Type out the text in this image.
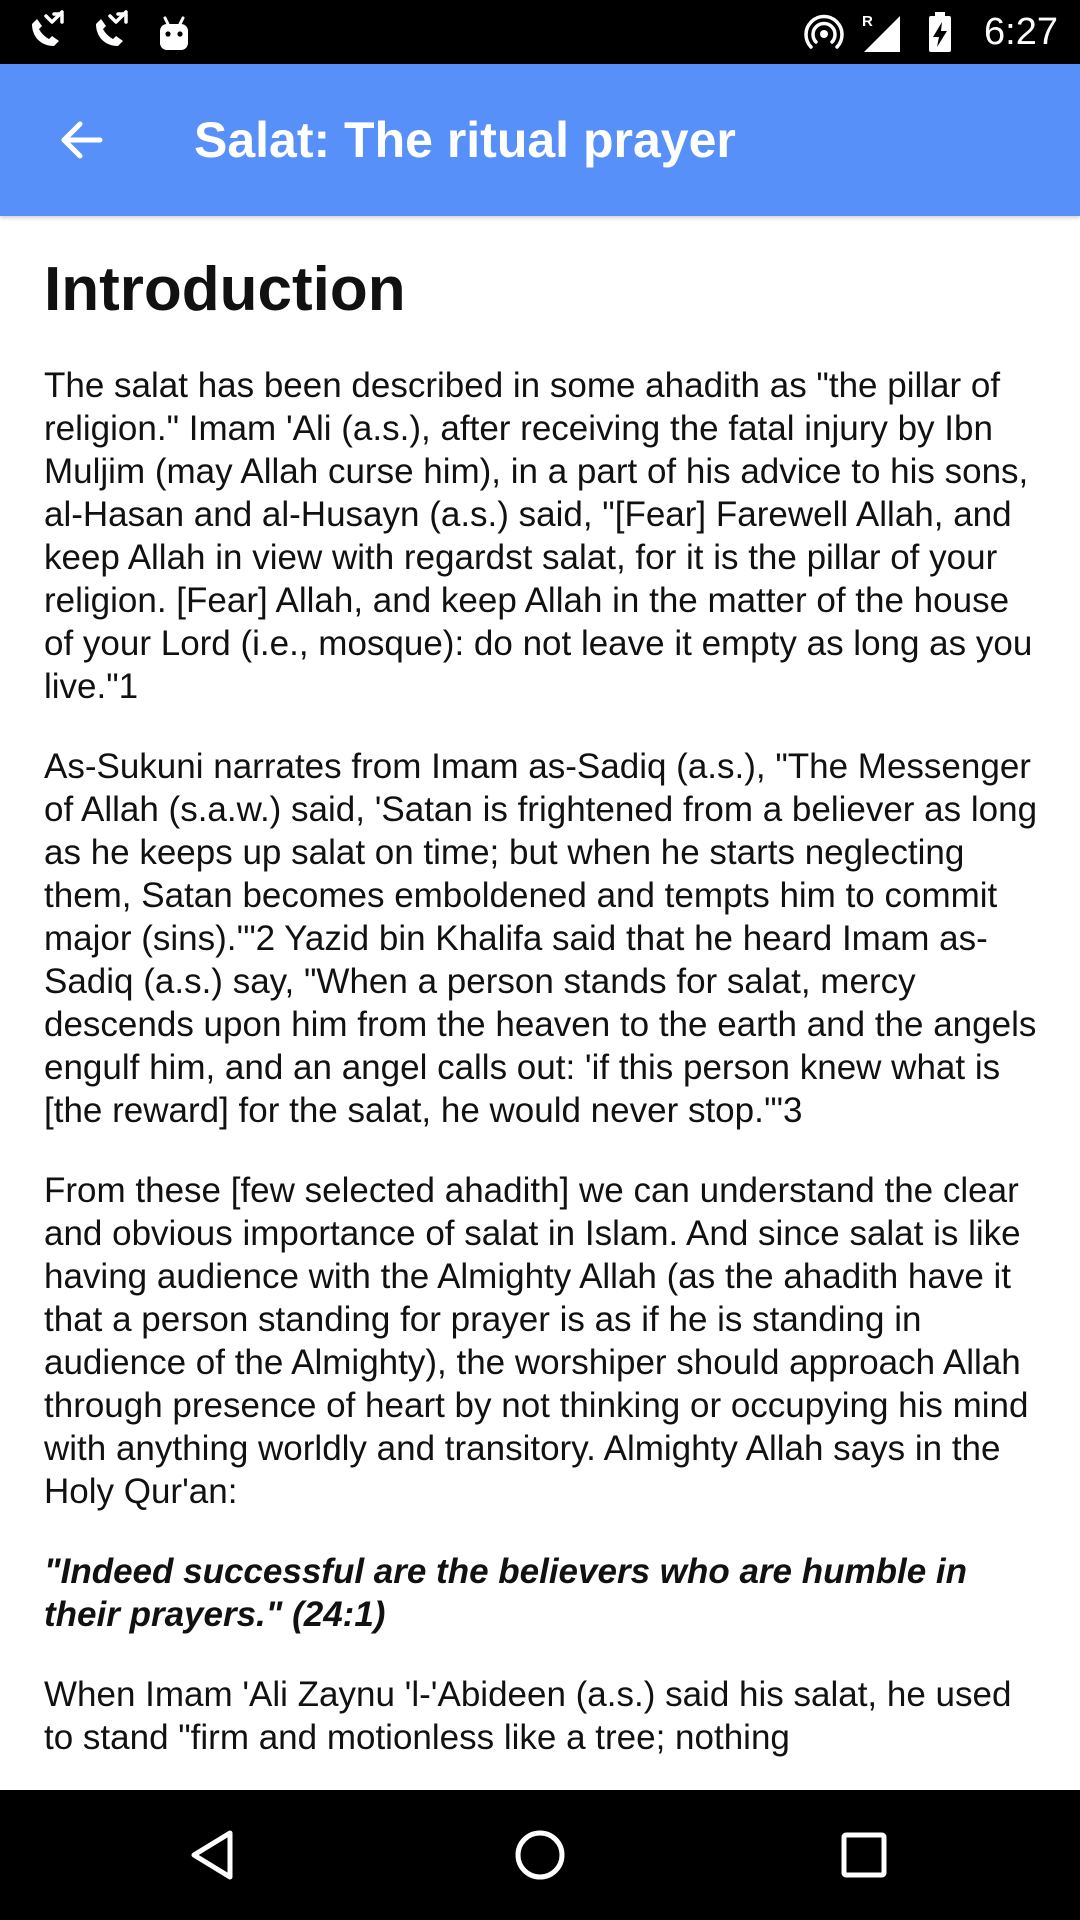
R	6:27
Salat: The ritual prayer
Introduction

The salat has been described in some ahadith as "the pillar of religion." Imam 'Ali (a.s.), after receiving the fatal injury by Ibn Muljim (may Allah curse him), in a part of his advice to his sons, al-Hasan and al-Husayn (a.s.) said, "[Fear] Farewell Allah, and keep Allah in view with regardst salat, for it is the pillar of your religion. [Fear] Allah, and keep Allah in the matter of the house of your Lord (i.e., mosque): do not leave it empty as long as you live."1

As-Sukuni narrates from Imam as-Sadiq (a.s.), "The Messenger of Allah (s.a.w.) said, 'Satan is frightened from a believer as long as he keeps up salat on time; but when he starts neglecting them, Satan becomes emboldened and tempts him to commit major (sins).'"2 Yazid bin Khalifa said that he heard Imam as-Sadiq (a.s.) say, "When a person stands for salat, mercy descends upon him from the heaven to the earth and the angels engulf him, and an angel calls out: 'if this person knew what is [the reward] for the salat, he would never stop.'"3

From these [few selected ahadith] we can understand the clear and obvious importance of salat in Islam. And since salat is like having audience with the Almighty Allah (as the ahadith have it that a person standing for prayer is as if he is standing in audience of the Almighty), the worshiper should approach Allah through presence of heart by not thinking or occupying his mind with anything worldly and transitory. Almighty Allah says in the Holy Qur'an:

"Indeed successful are the believers who are humble in their prayers." (24:1)

When Imam 'Ali Zaynu 'l-'Abideen (a.s.) said his salat, he used to stand "firm and motionless like a tree; nothing
